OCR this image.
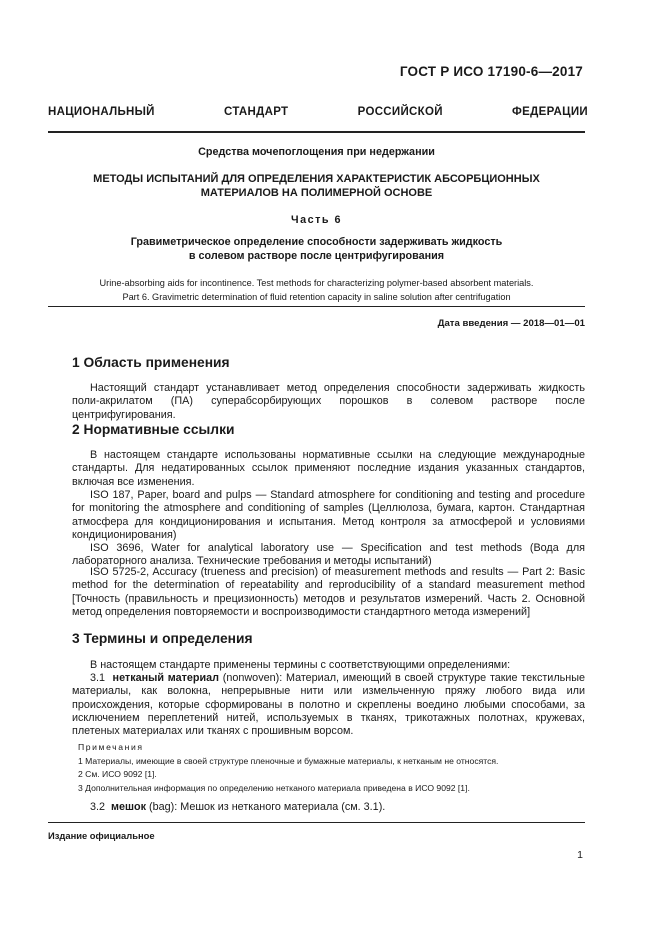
ГОСТ Р ИСО 17190-6—2017
НАЦИОНАЛЬНЫЙ СТАНДАРТ РОССИЙСКОЙ ФЕДЕРАЦИИ
Средства мочепоглощения при недержании
МЕТОДЫ ИСПЫТАНИЙ ДЛЯ ОПРЕДЕЛЕНИЯ ХАРАКТЕРИСТИК АБСОРБЦИОННЫХ
МАТЕРИАЛОВ НА ПОЛИМЕРНОЙ ОСНОВЕ
Часть 6
Гравиметрическое определение способности задерживать жидкость
в солевом растворе после центрифугирования
Urine-absorbing aids for incontinence. Test methods for characterizing polymer-based absorbent materials.
Part 6. Gravimetric determination of fluid retention capacity in saline solution after centrifugation
Дата введения — 2018—01—01
1 Область применения
Настоящий стандарт устанавливает метод определения способности задерживать жидкость поли-акрилатом (ПА) суперабсорбирующих порошков в солевом растворе после центрифугирования.
2 Нормативные ссылки
В настоящем стандарте использованы нормативные ссылки на следующие международные стандарты. Для недатированных ссылок применяют последние издания указанных стандартов, включая все изменения.
ISO 187, Paper, board and pulps — Standard atmosphere for conditioning and testing and procedure for monitoring the atmosphere and conditioning of samples (Целлюлоза, бумага, картон. Стандартная атмосфера для кондиционирования и испытания. Метод контроля за атмосферой и условиями кондиционирования)
ISO 3696, Water for analytical laboratory use — Specification and test methods (Вода для лабораторного анализа. Технические требования и методы испытаний)
ISO 5725-2, Accuracy (trueness and precision) of measurement methods and results — Part 2: Basic method for the determination of repeatability and reproducibility of a standard measurement method [Точность (правильность и прецизионность) методов и результатов измерений. Часть 2. Основной метод определения повторяемости и воспроизводимости стандартного метода измерений]
3 Термины и определения
В настоящем стандарте применены термины с соответствующими определениями:
3.1 нетканый материал (nonwoven): Материал, имеющий в своей структуре такие текстильные материалы, как волокна, непрерывные нити или измельченную пряжу любого вида или происхождения, которые сформированы в полотно и скреплены воедино любыми способами, за исключением переплетений нитей, используемых в тканях, трикотажных полотнах, кружевах, плетеных материалах или тканях с прошивным ворсом.
Примечания
1 Материалы, имеющие в своей структуре пленочные и бумажные материалы, к нетканым не относятся.
2 См. ИСО 9092 [1].
3 Дополнительная информация по определению нетканого материала приведена в ИСО 9092 [1].
3.2 мешок (bag): Мешок из нетканого материала (см. 3.1).
Издание официальное
1
